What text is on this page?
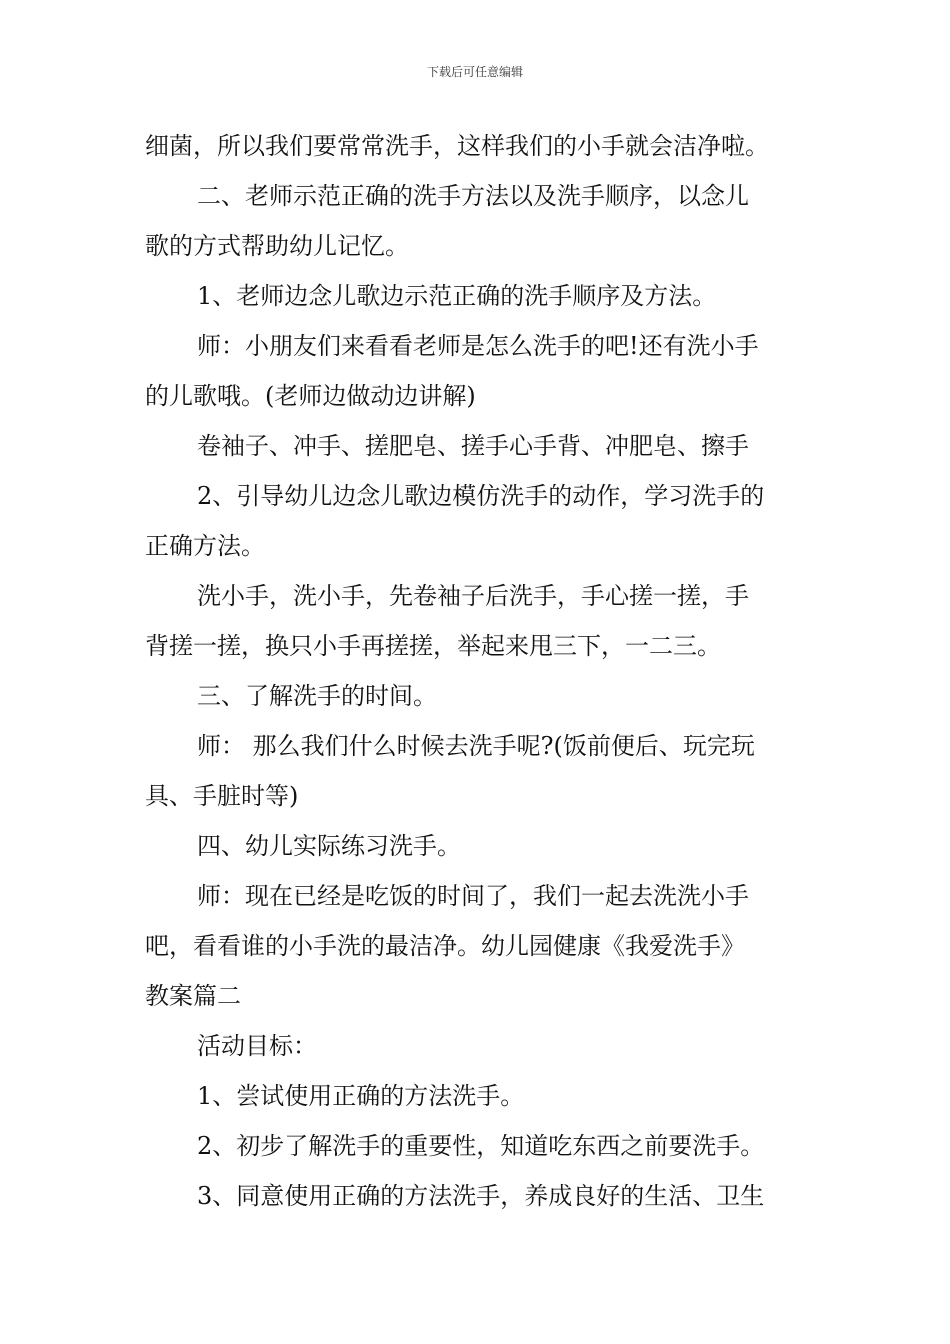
下载后可任意编辑
细菌，所以我们要常常洗手，这样我们的小手就会洁净啦。
二、老师示范正确的洗手方法以及洗手顺序，以念儿
歌的方式帮助幼儿记忆。
1、老师边念儿歌边示范正确的洗手顺序及方法。
师：小朋友们来看看老师是怎么洗手的吧!还有洗小手
的儿歌哦。(老师边做动边讲解)
卷袖子、冲手、搓肥皂、搓手心手背、冲肥皂、擦手
2、引导幼儿边念儿歌边模仿洗手的动作，学习洗手的
正确方法。
洗小手，洗小手，先卷袖子后洗手，手心搓一搓，手
背搓一搓，换只小手再搓搓，举起来甩三下，一二三。
三、了解洗手的时间。
师： 那么我们什么时候去洗手呢?(饭前便后、玩完玩
具、手脏时等)
四、幼儿实际练习洗手。
师：现在已经是吃饭的时间了，我们一起去洗洗小手
吧，看看谁的小手洗的最洁净。幼儿园健康《我爱洗手》
教案篇二
活动目标：
1、尝试使用正确的方法洗手。
2、初步了解洗手的重要性，知道吃东西之前要洗手。
3、同意使用正确的方法洗手，养成良好的生活、卫生
